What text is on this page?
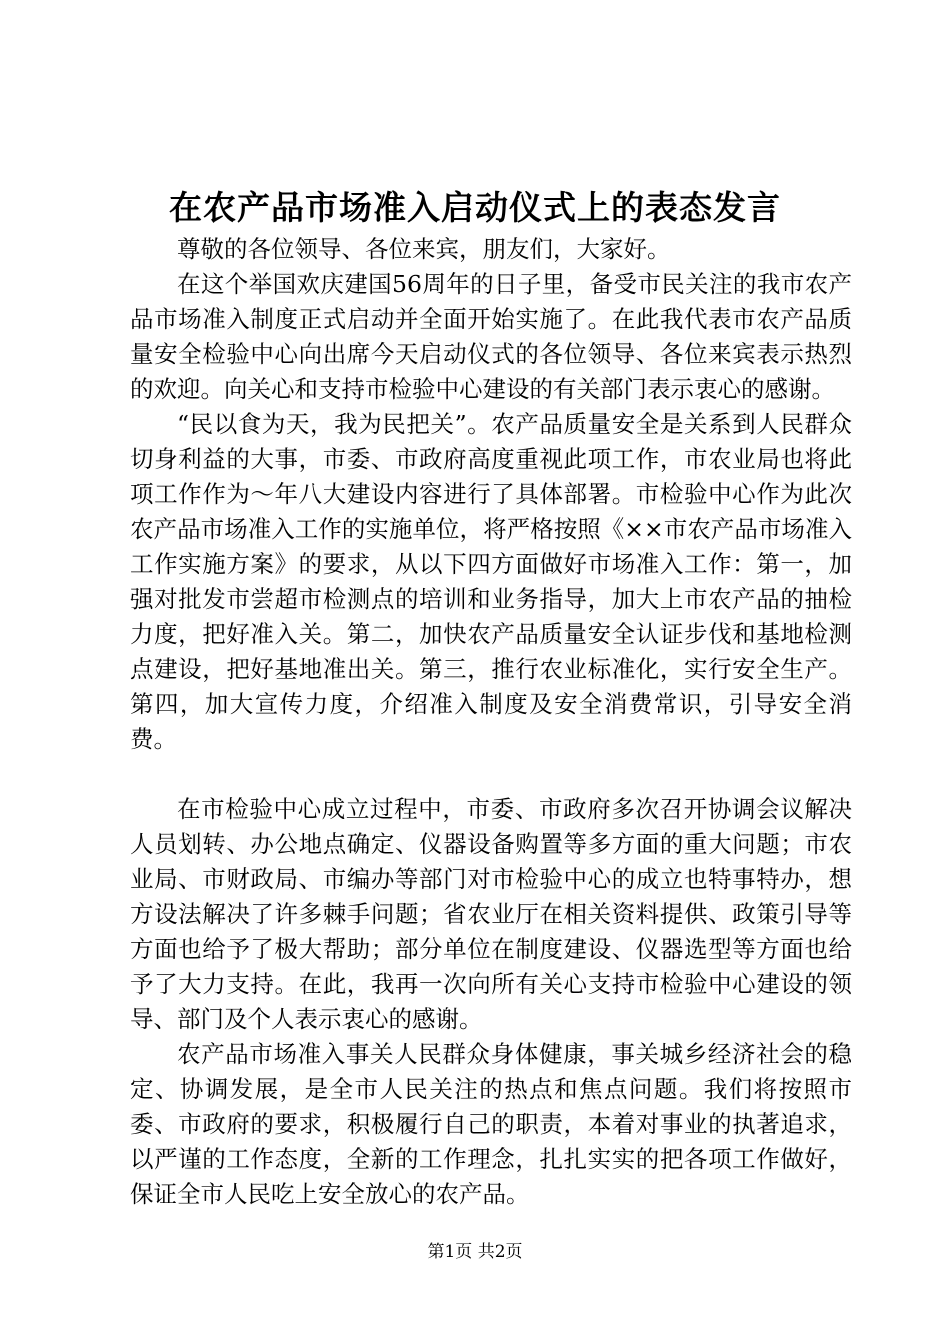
在农产品市场准入启动仪式上的表态发言

尊敬的各位领导、各位来宾，朋友们，大家好。

在这个举国欢庆建国56周年的日子里，备受市民关注的我市农产品市场准入制度正式启动并全面开始实施了。在此我代表市农产品质量安全检验中心向出席今天启动仪式的各位领导、各位来宾表示热烈的欢迎。向关心和支持市检验中心建设的有关部门表示衷心的感谢。

“民以食为天，我为民把关”。农产品质量安全是关系到人民群众切身利益的大事，市委、市政府高度重视此项工作，市农业局也将此项工作作为～年八大建设内容进行了具体部署。市检验中心作为此次农产品市场准入工作的实施单位，将严格按照《××市农产品市场准入工作实施方案》的要求，从以下四方面做好市场准入工作：第一，加强对批发市尝超市检测点的培训和业务指导，加大上市农产品的抽检力度，把好准入关。第二，加快农产品质量安全认证步伐和基地检测点建设，把好基地准出关。第三，推行农业标准化，实行安全生产。第四，加大宣传力度，介绍准入制度及安全消费常识，引导安全消费。

在市检验中心成立过程中，市委、市政府多次召开协调会议解决人员划转、办公地点确定、仪器设备购置等多方面的重大问题；市农业局、市财政局、市编办等部门对市检验中心的成立也特事特办，想方设法解决了许多棘手问题；省农业厅在相关资料提供、政策引导等方面也给予了极大帮助；部分单位在制度建设、仪器选型等方面也给予了大力支持。在此，我再一次向所有关心支持市检验中心建设的领导、部门及个人表示衷心的感谢。

农产品市场准入事关人民群众身体健康，事关城乡经济社会的稳定、协调发展，是全市人民关注的热点和焦点问题。我们将按照市委、市政府的要求，积极履行自己的职责，本着对事业的执著追求，以严谨的工作态度，全新的工作理念，扎扎实实的把各项工作做好，保证全市人民吃上安全放心的农产品。

第1页 共2页
